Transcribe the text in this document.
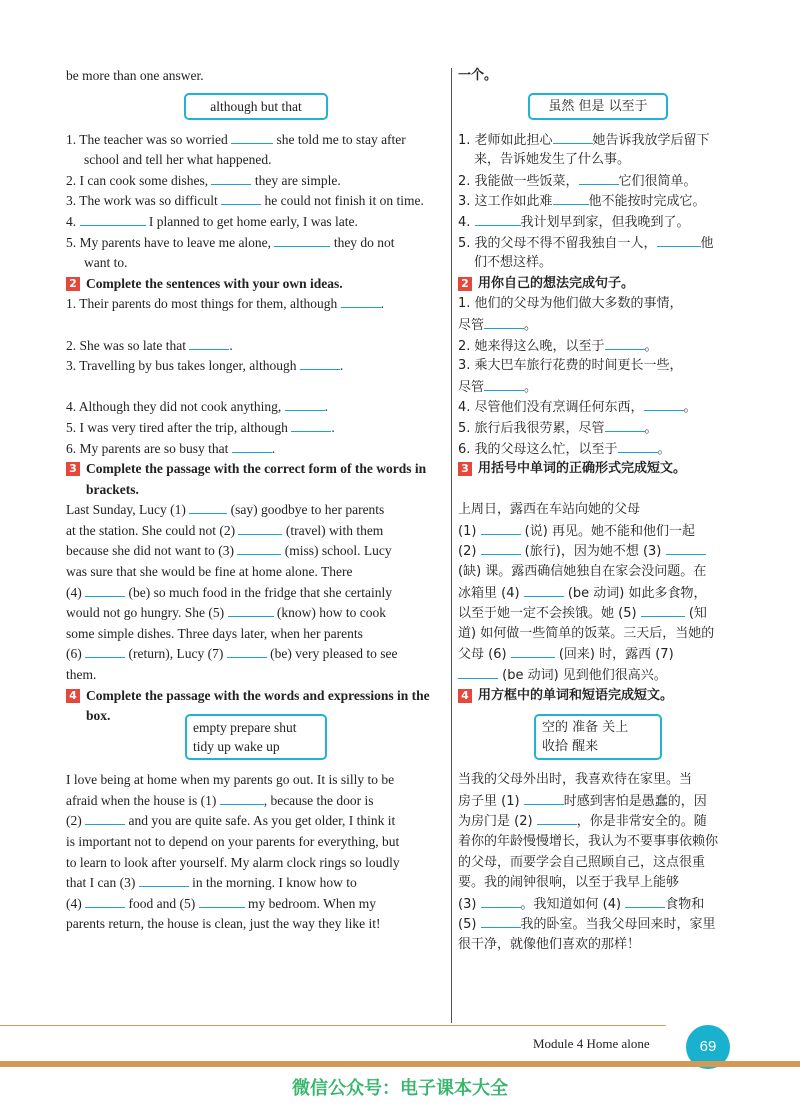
be more than one answer.
although but that
1. The teacher was so worried	she told me to stay after
school and tell her what happened.
2. I can cook some dishes,	they are simple.
3. The work was so difficult	he could not finish it on time.
4.	I planned to get home early, I was late.
5. My parents have to leave me alone,	they do not
want to.
2 Complete the sentences with your own ideas.
1. Their parents do most things for them, although	.
2. She was so late that	.
3. Travelling by bus takes longer, although	.
4. Although they did not cook anything,	.
5. I was very tired after the trip, although	.
6. My parents are so busy that	.
3 Complete the passage with the correct form of the words in brackets.
Last Sunday, Lucy (1)	(say) goodbye to her parents
at the station. She could not (2)	(travel) with them
because she did not want to (3)	(miss) school. Lucy
was sure that she would be fine at home alone. There
(4)	(be) so much food in the fridge that she certainly
would not go hungry. She (5)	(know) how to cook
some simple dishes. Three days later, when her parents
(6)	(return), Lucy (7)	(be) very pleased to see
them.
4 Complete the passage with the words and expressions in the box.
empty prepare shut
tidy up wake up
I love being at home when my parents go out. It is silly to be
afraid when the house is (1)	, because the door is
(2)	and you are quite safe. As you get older, I think it
is important not to depend on your parents for everything, but
to learn to look after yourself. My alarm clock rings so loudly
that I can (3)	in the morning. I know how to
(4)	food and (5)	my bedroom. When my
parents return, the house is clean, just the way they like it!
一个。
虽然 但是 以至于
1. 老师如此担心	她告诉我放学后留下
来，告诉她发生了什么事。
2. 我能做一些饭菜，	它们很简单。
3. 这工作如此难	他不能按时完成它。
4.	我计划早到家，但我晚到了。
5. 我的父母不得不留我独自一人，	他
们不想这样。
2 用你自己的想法完成句子。
1. 他们的父母为他们做大多数的事情，
尽管	。
2. 她来得这么晚，以至于	。
3. 乘大巴车旅行花费的时间更长一些，
尽管	。
4. 尽管他们没有烹调任何东西，	。
5. 旅行后我很劳累，尽管	。
6. 我的父母这么忙，以至于	。
3 用括号中单词的正确形式完成短文。
上周日，露西在车站向她的父母
(1)	(说) 再见。她不能和他们一起
(2)	(旅行)，因为她不想 (3)
(缺) 课。露西确信她独自在家会没问题。在
冰箱里 (4)	(be 动词) 如此多食物，
以至于她一定不会挨饿。她 (5)	(知
道) 如何做一些简单的饭菜。三天后，当她的
父母 (6)	(回来) 时，露西 (7)
(be 动词) 见到他们很高兴。
4 用方框中的单词和短语完成短文。
空的 准备 关上
收拾 醒来
当我的父母外出时，我喜欢待在家里。当
房子里 (1)	时感到害怕是愚蠢的，因
为房门是 (2)	，你是非常安全的。随
着你的年龄慢慢增长，我认为不要事事依赖你
的父母，而要学会自己照顾自己，这点很重
要。我的闹钟很响，以至于我早上能够
(3)	。我知道如何 (4)	食物和
(5)	我的卧室。当我父母回来时，家里
很干净，就像他们喜欢的那样！
Module 4 Home alone	69
微信公众号：电子课本大全
